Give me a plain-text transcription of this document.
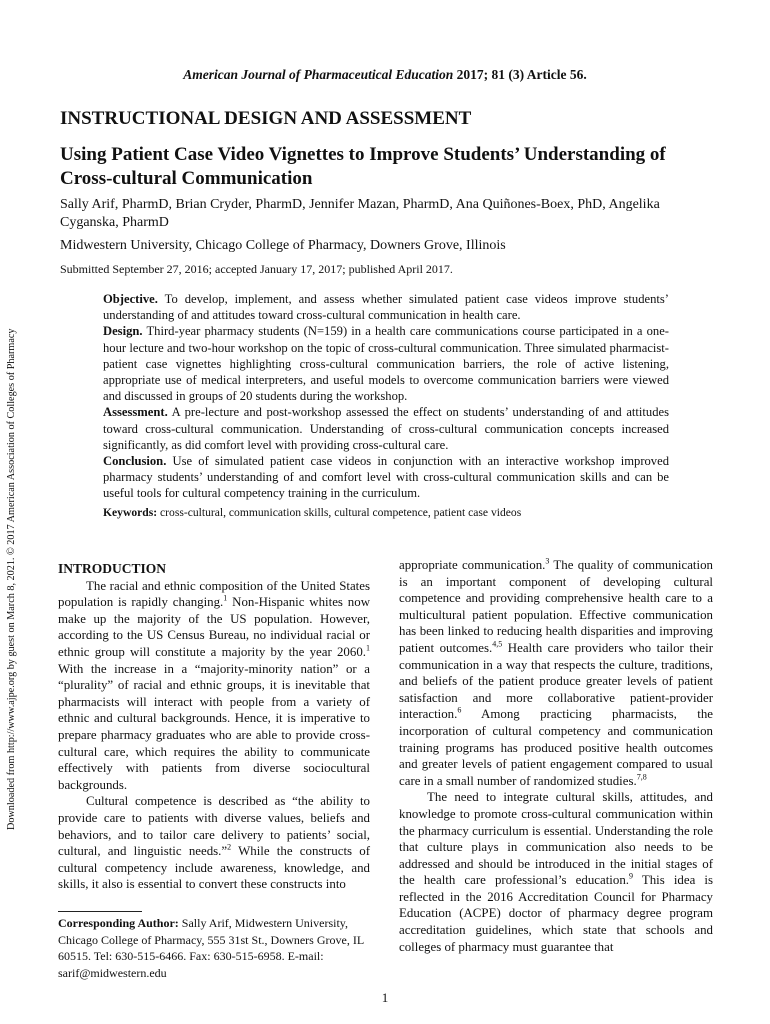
American Journal of Pharmaceutical Education 2017; 81 (3) Article 56.
INSTRUCTIONAL DESIGN AND ASSESSMENT
Using Patient Case Video Vignettes to Improve Students’ Understanding of Cross-cultural Communication
Sally Arif, PharmD, Brian Cryder, PharmD, Jennifer Mazan, PharmD, Ana Quiñones-Boex, PhD, Angelika Cyganska, PharmD
Midwestern University, Chicago College of Pharmacy, Downers Grove, Illinois
Submitted September 27, 2016; accepted January 17, 2017; published April 2017.

Objective. To develop, implement, and assess whether simulated patient case videos improve students’ understanding of and attitudes toward cross-cultural communication in health care.

Design. Third-year pharmacy students (N=159) in a health care communications course participated in a one-hour lecture and two-hour workshop on the topic of cross-cultural communication. Three simulated pharmacist-patient case vignettes highlighting cross-cultural communication barriers, the role of active listening, appropriate use of medical interpreters, and useful models to overcome communication barriers were viewed and discussed in groups of 20 students during the workshop.

Assessment. A pre-lecture and post-workshop assessed the effect on students’ understanding of and attitudes toward cross-cultural communication. Understanding of cross-cultural communication concepts increased significantly, as did comfort level with providing cross-cultural care.

Conclusion. Use of simulated patient case videos in conjunction with an interactive workshop improved pharmacy students’ understanding of and comfort level with cross-cultural communication skills and can be useful tools for cultural competency training in the curriculum.

Keywords: cross-cultural, communication skills, cultural competence, patient case videos

Downloaded from http://www.ajpe.org by guest on March 8, 2021. © 2017 American Association of Colleges of Pharmacy	INTRODUCTION

The racial and ethnic composition of the United States population is rapidly changing.$^1$ Non-Hispanic whites now make up the majority of the US population. However, according to the US Census Bureau, no individual racial or ethnic group will constitute a majority by the year 2060.$^1$ With the increase in a “majority-minority nation” or a “plurality” of racial and ethnic groups, it is inevitable that pharmacists will interact with people from a variety of ethnic and cultural backgrounds. Hence, it is imperative to prepare pharmacy graduates who are able to provide cross-cultural care, which requires the ability to communicate effectively with patients from diverse sociocultural backgrounds.

Cultural competence is described as “the ability to provide care to patients with diverse values, beliefs and behaviors, and to tailor care delivery to patients’ social, cultural, and linguistic needs.”$^2$ While the constructs of cultural competency include awareness, knowledge, and skills, it also is essential to convert these constructs into

appropriate communication.$^3$ The quality of communication is an important component of developing cultural competence and providing comprehensive health care to a multicultural patient population. Effective communication has been linked to reducing health disparities and improving patient outcomes.$^{4,5}$ Health care providers who tailor their communication in a way that respects the culture, traditions, and beliefs of the patient produce greater levels of patient satisfaction and more collaborative patient-provider interaction.$^6$ Among practicing pharmacists, the incorporation of cultural competency and communication training programs has produced positive health outcomes and greater levels of patient engagement compared to usual care in a small number of randomized studies.$^{7,8}$

The need to integrate cultural skills, attitudes, and knowledge to promote cross-cultural communication within the pharmacy curriculum is essential. Understanding the role that culture plays in communication also needs to be addressed and should be introduced in the initial stages of the health care professional’s education.$^9$ This idea is reflected in the 2016 Accreditation Council for Pharmacy Education (ACPE) doctor of pharmacy degree program accreditation guidelines, which state that schools and colleges of pharmacy must guarantee that

Corresponding Author: Sally Arif, Midwestern University, Chicago College of Pharmacy, 555 31st St., Downers Grove, IL 60515. Tel: 630-515-6466. Fax: 630-515-6958. E-mail: sarif@midwestern.edu
1
